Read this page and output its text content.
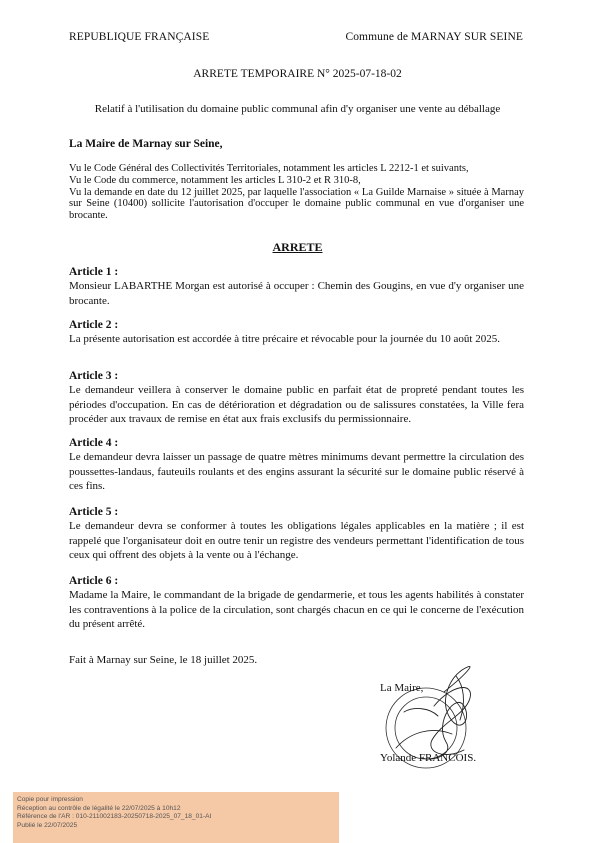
REPUBLIQUE FRANÇAISE	Commune de MARNAY SUR SEINE
ARRETE TEMPORAIRE N° 2025-07-18-02
Relatif à l'utilisation du domaine public communal afin d'y organiser une vente au déballage
La Maire de Marnay sur Seine,
Vu le Code Général des Collectivités Territoriales, notamment les articles L 2212-1 et suivants,
Vu le Code du commerce, notamment les articles L 310-2 et R 310-8,
Vu la demande en date du 12 juillet 2025, par laquelle l'association « La Guilde Marnaise » située à Marnay sur Seine (10400) sollicite l'autorisation d'occuper le domaine public communal en vue d'organiser une brocante.
ARRETE
Article 1 :
Monsieur LABARTHE Morgan est autorisé à occuper : Chemin des Gougins, en vue d'y organiser une brocante.
Article 2 :
La présente autorisation est accordée à titre précaire et révocable pour la journée du 10 août 2025.
Article 3 :
Le demandeur veillera à conserver le domaine public en parfait état de propreté pendant toutes les périodes d'occupation. En cas de détérioration et dégradation ou de salissures constatées, la Ville fera procéder aux travaux de remise en état aux frais exclusifs du permissionnaire.
Article 4 :
Le demandeur devra laisser un passage de quatre mètres minimums devant permettre la circulation des poussettes-landaus, fauteuils roulants et des engins assurant la sécurité sur le domaine public réservé à ces fins.
Article 5 :
Le demandeur devra se conformer à toutes les obligations légales applicables en la matière ; il est rappelé que l'organisateur doit en outre tenir un registre des vendeurs permettant l'identification de tous ceux qui offrent des objets à la vente ou à l'échange.
Article 6 :
Madame la Maire, le commandant de la brigade de gendarmerie, et tous les agents habilités à constater les contraventions à la police de la circulation, sont chargés chacun en ce qui le concerne de l'exécution du présent arrêté.
Fait à Marnay sur Seine, le 18 juillet 2025.
La Maire,
Yolande FRANCOIS.
Copie pour impression
Réception au contrôle de légalité le 22/07/2025 à 10h12
Référence de l'AR : 010-211002183-20250718-2025_07_18_01-AI
Publié le 22/07/2025
